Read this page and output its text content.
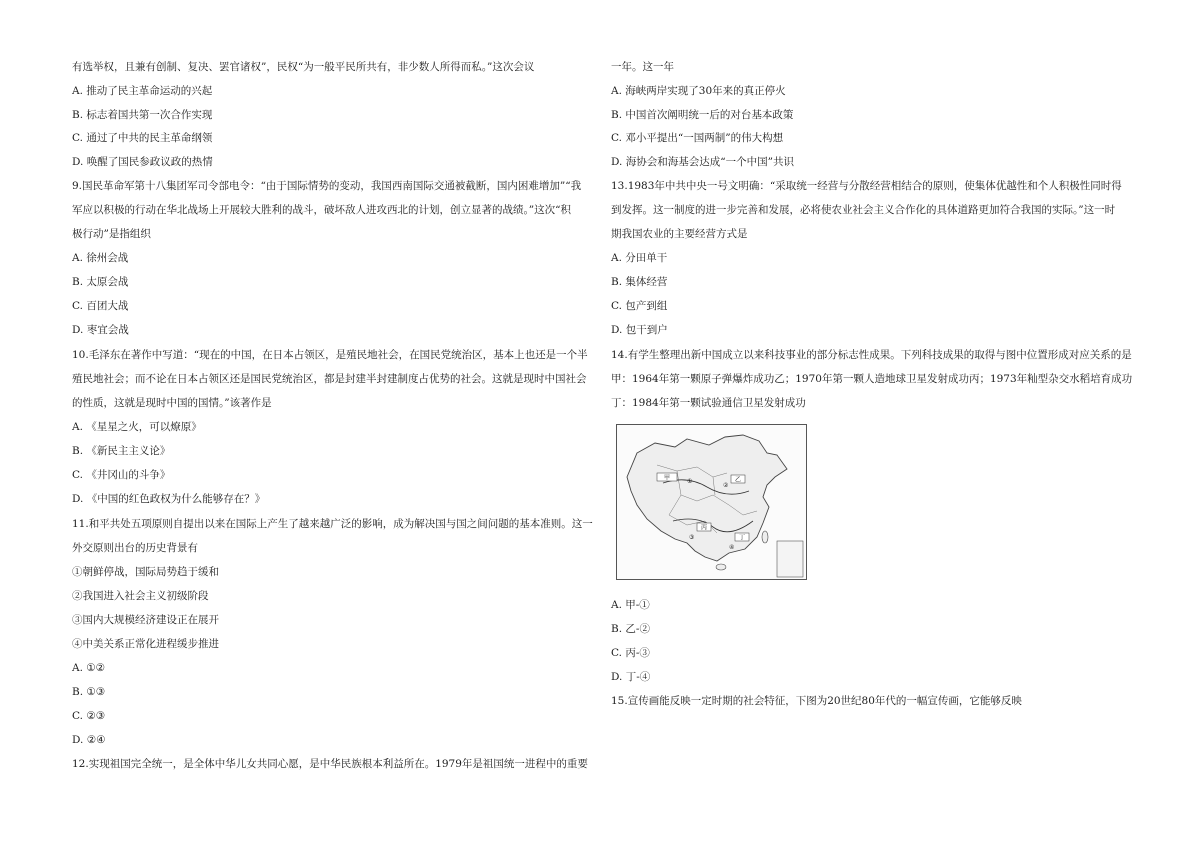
有选举权，且兼有创制、复决、罢官诸权”，民权“为一般平民所共有，非少数人所得而私。”这次会议
A. 推动了民主革命运动的兴起
B. 标志着国共第一次合作实现
C. 通过了中共的民主革命纲领
D. 唤醒了国民参政议政的热情
9.国民革命军第十八集团军司令部电令：“由于国际情势的变动，我国西南国际交通被截断，国内困难增加”“我
军应以积极的行动在华北战场上开展较大胜利的战斗，破坏敌人进攻西北的计划，创立显著的战绩。”这次“积
极行动”是指组织
A. 徐州会战
B. 太原会战
C. 百团大战
D. 枣宜会战
10.毛泽东在著作中写道：“现在的中国，在日本占领区，是殖民地社会，在国民党统治区，基本上也还是一个半
殖民地社会；而不论在日本占领区还是国民党统治区，都是封建半封建制度占优势的社会。这就是现时中国社会
的性质，这就是现时中国的国情。”该著作是
A. 《星星之火，可以燎原》
B. 《新民主主义论》
C. 《井冈山的斗争》
D. 《中国的红色政权为什么能够存在？》
11.和平共处五项原则自提出以来在国际上产生了越来越广泛的影响，成为解决国与国之间问题的基本准则。这一
外交原则出台的历史背景有
①朝鲜停战，国际局势趋于缓和
②我国进入社会主义初级阶段
③国内大规模经济建设正在展开
④中美关系正常化进程缓步推进
A. ①②
B. ①③
C. ②③
D. ②④
12.实现祖国完全统一，是全体中华儿女共同心愿，是中华民族根本利益所在。1979年是祖国统一进程中的重要
一年。这一年
A. 海峡两岸实现了30年来的真正停火
B. 中国首次阐明统一后的对台基本政策
C. 邓小平提出“一国两制”的伟大构想
D. 海协会和海基会达成“一个中国”共识
13.1983年中共中央一号文明确：“采取统一经营与分散经营相结合的原则，使集体优越性和个人积极性同时得
到发挥。这一制度的进一步完善和发展，必将使农业社会主义合作化的具体道路更加符合我国的实际。”这一时
期我国农业的主要经营方式是
A. 分田单干
B. 集体经营
C. 包产到组
D. 包干到户
14.有学生整理出新中国成立以来科技事业的部分标志性成果。下列科技成果的取得与图中位置形成对应关系的是
甲：1964年第一颗原子弹爆炸成功乙；1970年第一颗人造地球卫星发射成功丙；1973年籼型杂交水稻培育成功
丁：1984年第一颗试验通信卫星发射成功
甲	①	乙
②
丙
③	丁
④
A. 甲-①
B. 乙-②
C. 丙-③
D. 丁-④
15.宣传画能反映一定时期的社会特征，下图为20世纪80年代的一幅宣传画，它能够反映
